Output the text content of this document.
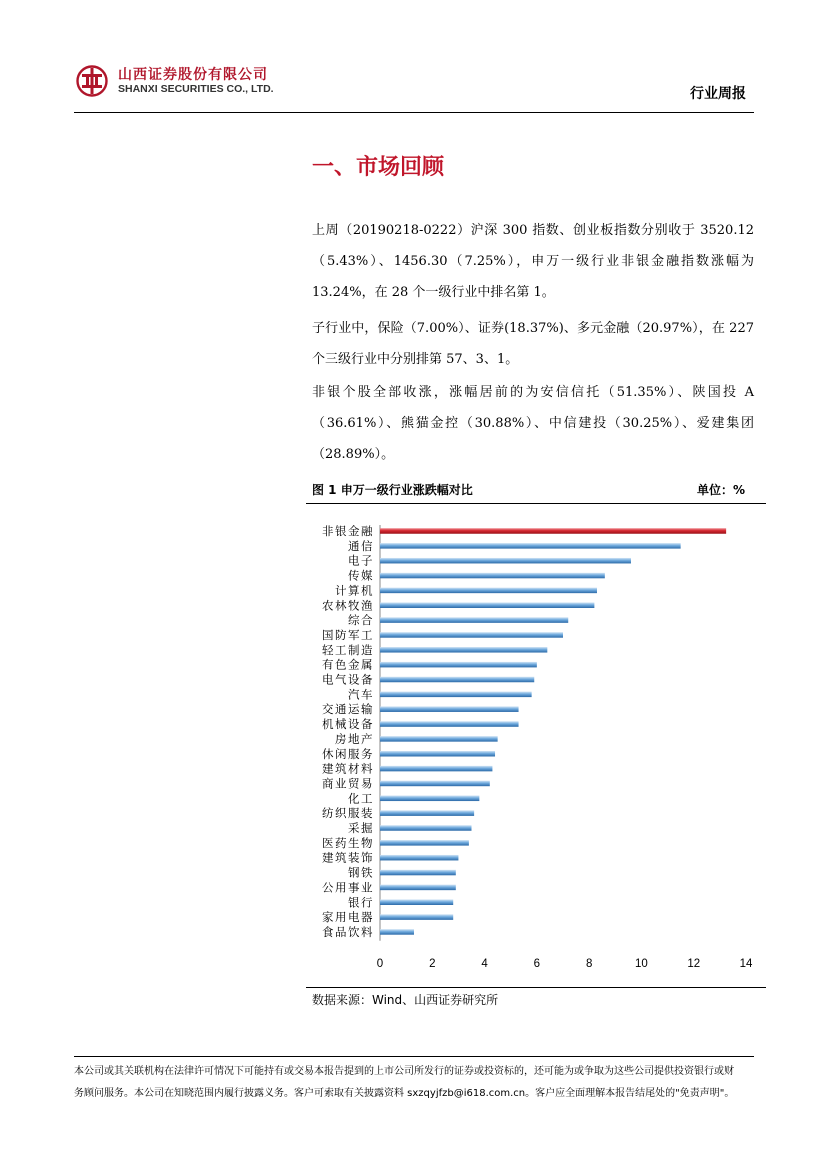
山西证券股份有限公司
SHANXI SECURITIES CO., LTD.	行业周报
一、市场回顾
上周（20190218-0222）沪深 300 指数、创业板指数分别收于 3520.12（5.43%）、1456.30（7.25%），申万一级行业非银金融指数涨幅为 13.24%，在 28 个一级行业中排名第 1。
子行业中，保险（7.00%）、证券(18.37%)、多元金融（20.97%），在 227 个三级行业中分别排第 57、3、1。
非银个股全部收涨，涨幅居前的为安信信托（51.35%）、陕国投 A（36.61%）、熊猫金控（30.88%）、中信建投（30.25%）、爱建集团（28.89%）。
图 1 申万一级行业涨跌幅对比	单位：%
非银金融
通信
电子
传媒
计算机
农林牧渔
综合
国防军工
轻工制造
有色金属
电气设备
汽车
交通运输
机械设备
房地产
休闲服务
建筑材料
商业贸易
化工
纺织服装
采掘
医药生物
建筑装饰
钢铁
公用事业
银行
家用电器
食品饮料
0	2	4	6	8	10	12	14
数据来源：Wind、山西证券研究所
本公司或其关联机构在法律许可情况下可能持有或交易本报告提到的上市公司所发行的证券或投资标的，还可能为或争取为这些公司提供投资银行或财
务顾问服务。本公司在知晓范围内履行披露义务。客户可索取有关披露资料 sxzqyjfzb@i618.com.cn。客户应全面理解本报告结尾处的"免责声明"。
